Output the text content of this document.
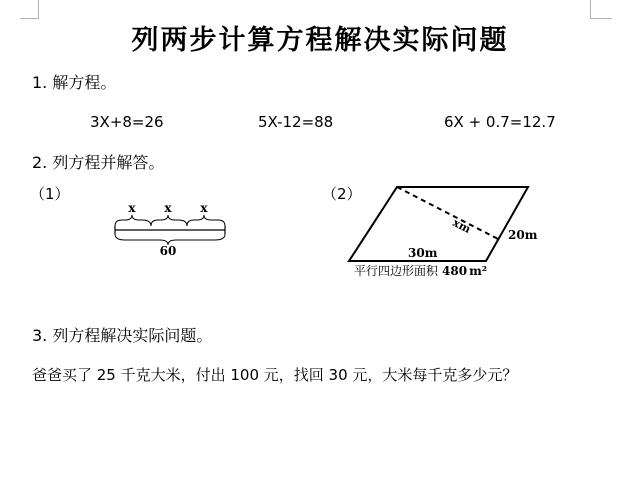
列两步计算方程解决实际问题
1. 解方程。
3X+8=26	5X-12=88	6X + 0.7=12.7
2. 列方程并解答。
（1）	（2）
x x x
60
xm	20m
30m
平行四边形面积 480 m²
3. 列方程解决实际问题。
爸爸买了 25 千克大米，付出 100 元，找回 30 元，大米每千克多少元？
